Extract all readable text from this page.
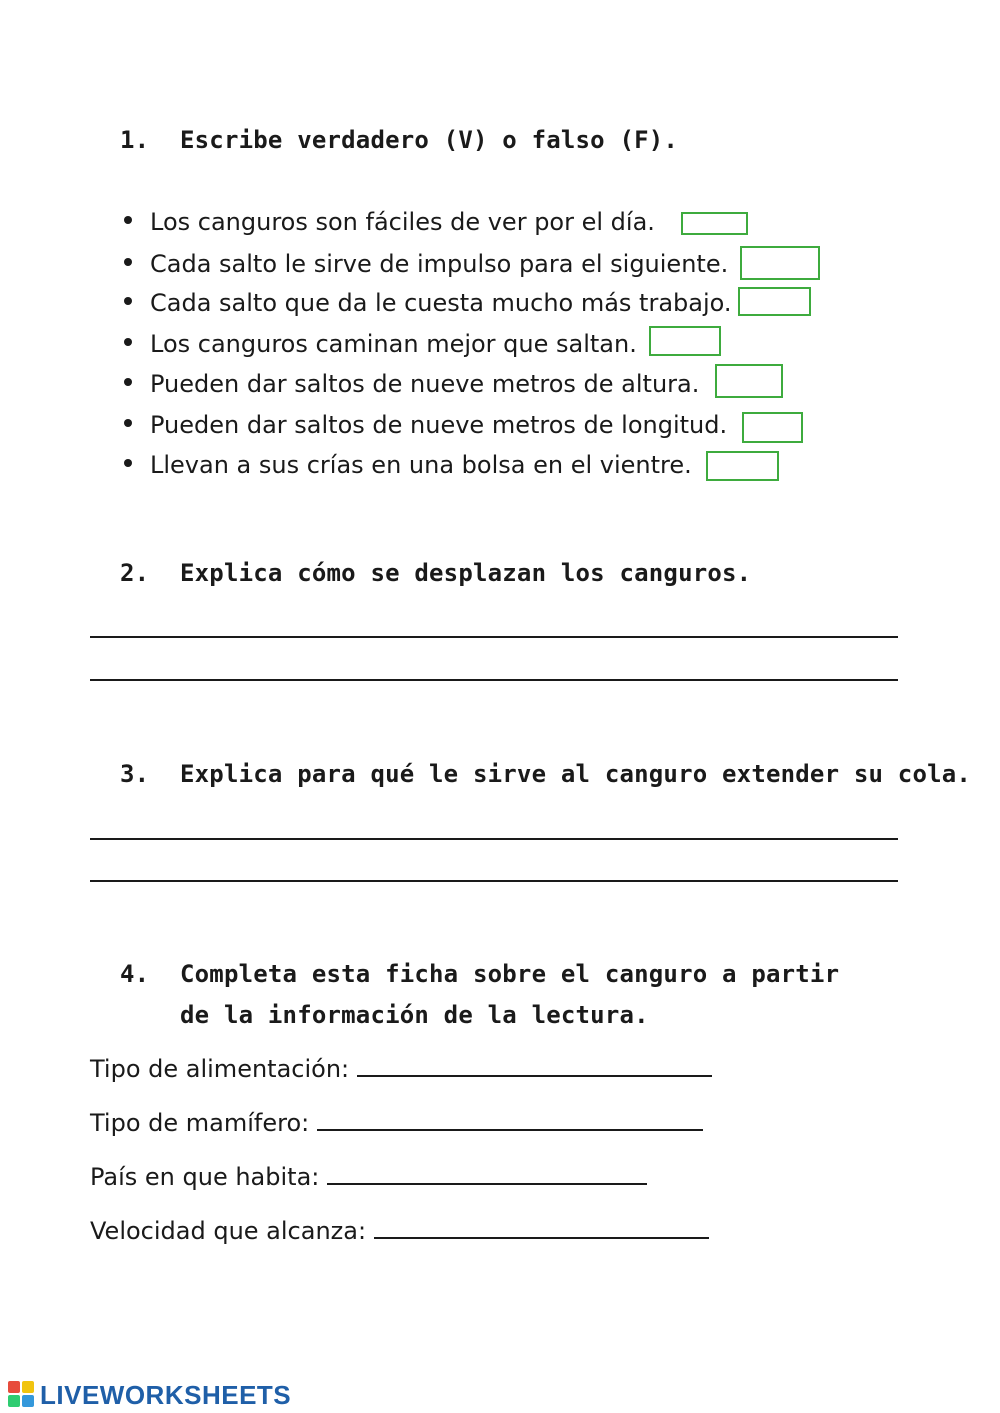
1. Escribe verdadero (V) o falso (F).
Los canguros son fáciles de ver por el día.
Cada salto le sirve de impulso para el siguiente.
Cada salto que da le cuesta mucho más trabajo.
Los canguros caminan mejor que saltan.
Pueden dar saltos de nueve metros de altura.
Pueden dar saltos de nueve metros de longitud.
Llevan a sus crías en una bolsa en el vientre.
2. Explica cómo se desplazan los canguros.
3. Explica para qué le sirve al canguro extender su cola.
4. Completa esta ficha sobre el canguro a partir de la información de la lectura.
Tipo de alimentación:
Tipo de mamífero:
País en que habita:
Velocidad que alcanza:
LIVEWORKSHEETS
